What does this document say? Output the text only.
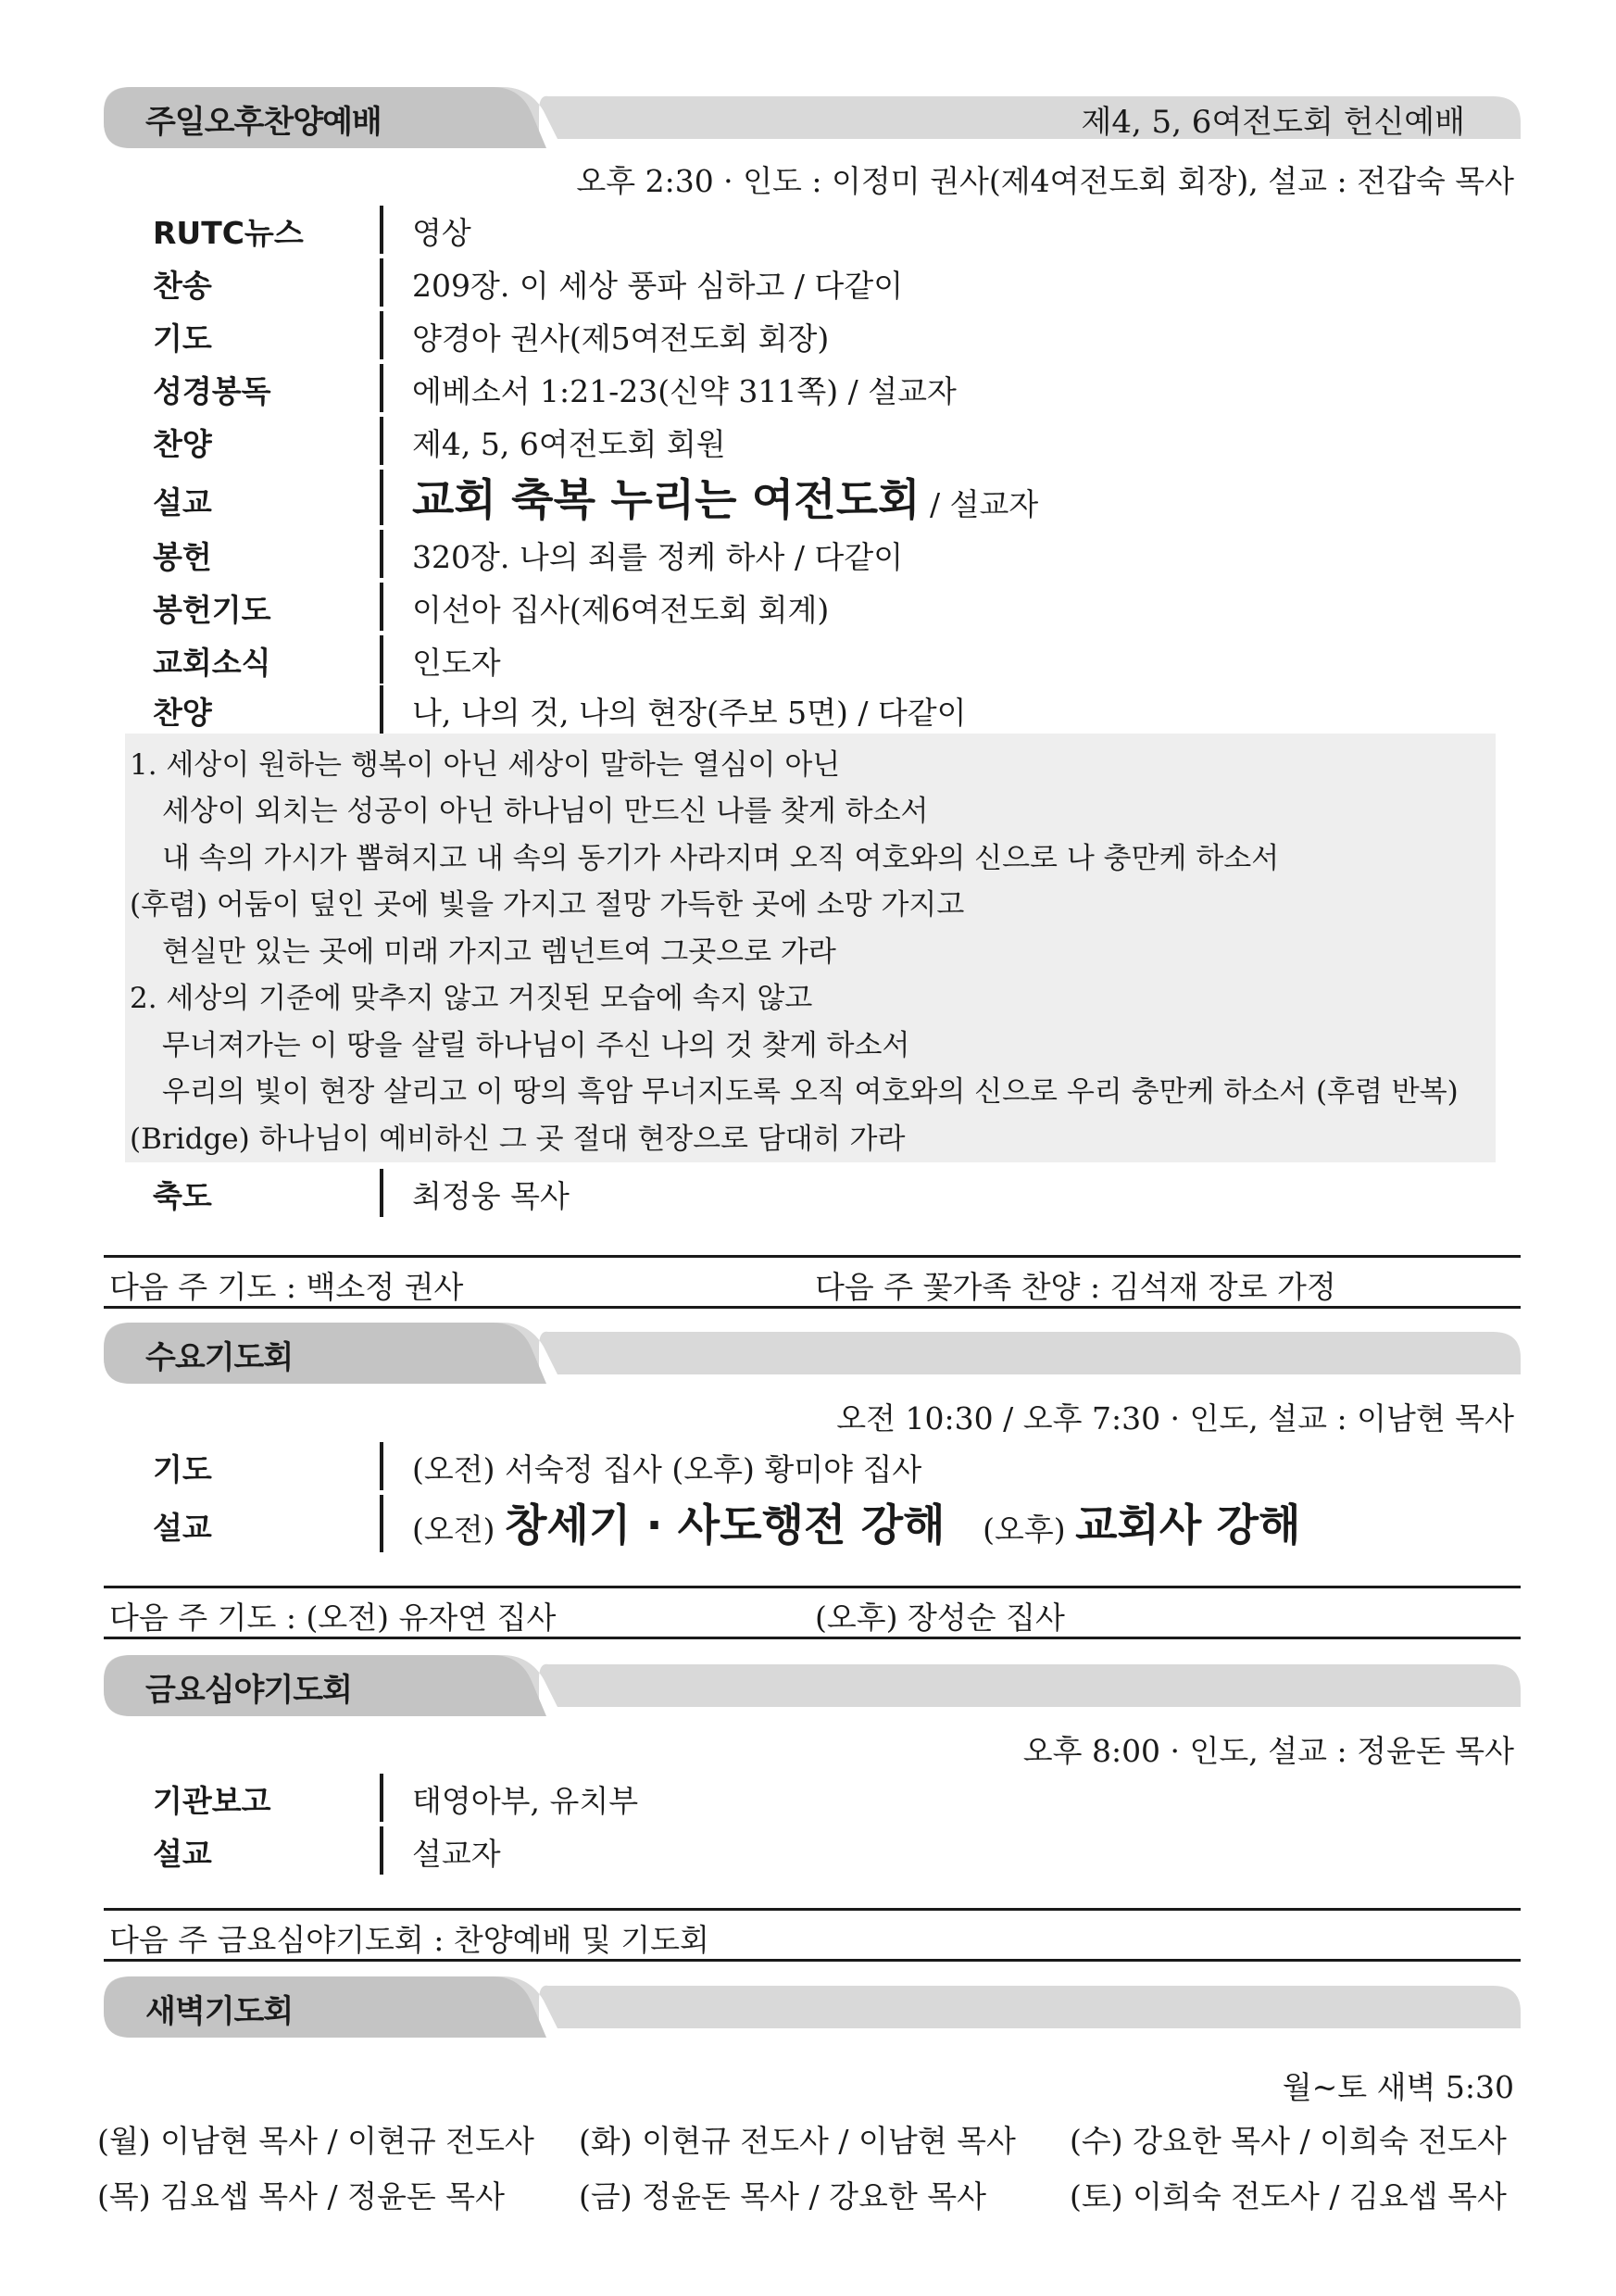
주일오후찬양예배	제4, 5, 6여전도회 헌신예배
오후 2:30 · 인도 : 이정미 권사(제4여전도회 회장), 설교 : 전갑숙 목사
RUTC뉴스	영상
찬송	209장. 이 세상 풍파 심하고 / 다같이
기도	양경아 권사(제5여전도회 회장)
성경봉독	에베소서 1:21-23(신약 311쪽) / 설교자
찬양	제4, 5, 6여전도회 회원
설교	교회 축복 누리는 여전도회 / 설교자
봉헌	320장. 나의 죄를 정케 하사 / 다같이
봉헌기도	이선아 집사(제6여전도회 회계)
교회소식	인도자
찬양	나, 나의 것, 나의 현장(주보 5면) / 다같이
1. 세상이 원하는 행복이 아닌 세상이 말하는 열심이 아닌
세상이 외치는 성공이 아닌 하나님이 만드신 나를 찾게 하소서
내 속의 가시가 뽑혀지고 내 속의 동기가 사라지며 오직 여호와의 신으로 나 충만케 하소서
(후렴) 어둠이 덮인 곳에 빛을 가지고 절망 가득한 곳에 소망 가지고
현실만 있는 곳에 미래 가지고 렘넌트여 그곳으로 가라
2. 세상의 기준에 맞추지 않고 거짓된 모습에 속지 않고
무너져가는 이 땅을 살릴 하나님이 주신 나의 것 찾게 하소서
우리의 빛이 현장 살리고 이 땅의 흑암 무너지도록 오직 여호와의 신으로 우리 충만케 하소서 (후렴 반복)
(Bridge) 하나님이 예비하신 그 곳 절대 현장으로 담대히 가라
축도	최정웅 목사
다음 주 기도 : 백소정 권사	다음 주 꽃가족 찬양 : 김석재 장로 가정
수요기도회
오전 10:30 / 오후 7:30 · 인도, 설교 : 이남현 목사
기도	(오전) 서숙정 집사 (오후) 황미야 집사
설교	(오전) 창세기 · 사도행전 강해 (오후) 교회사 강해
다음 주 기도 : (오전) 유자연 집사	(오후) 장성순 집사
금요심야기도회
오후 8:00 · 인도, 설교 : 정윤돈 목사
기관보고	태영아부, 유치부
설교	설교자
다음 주 금요심야기도회 : 찬양예배 및 기도회
새벽기도회
월~토 새벽 5:30
(월) 이남현 목사 / 이현규 전도사 (화) 이현규 전도사 / 이남현 목사 (수) 강요한 목사 / 이희숙 전도사
(목) 김요셉 목사 / 정윤돈 목사 (금) 정윤돈 목사 / 강요한 목사	(토) 이희숙 전도사 / 김요셉 목사
